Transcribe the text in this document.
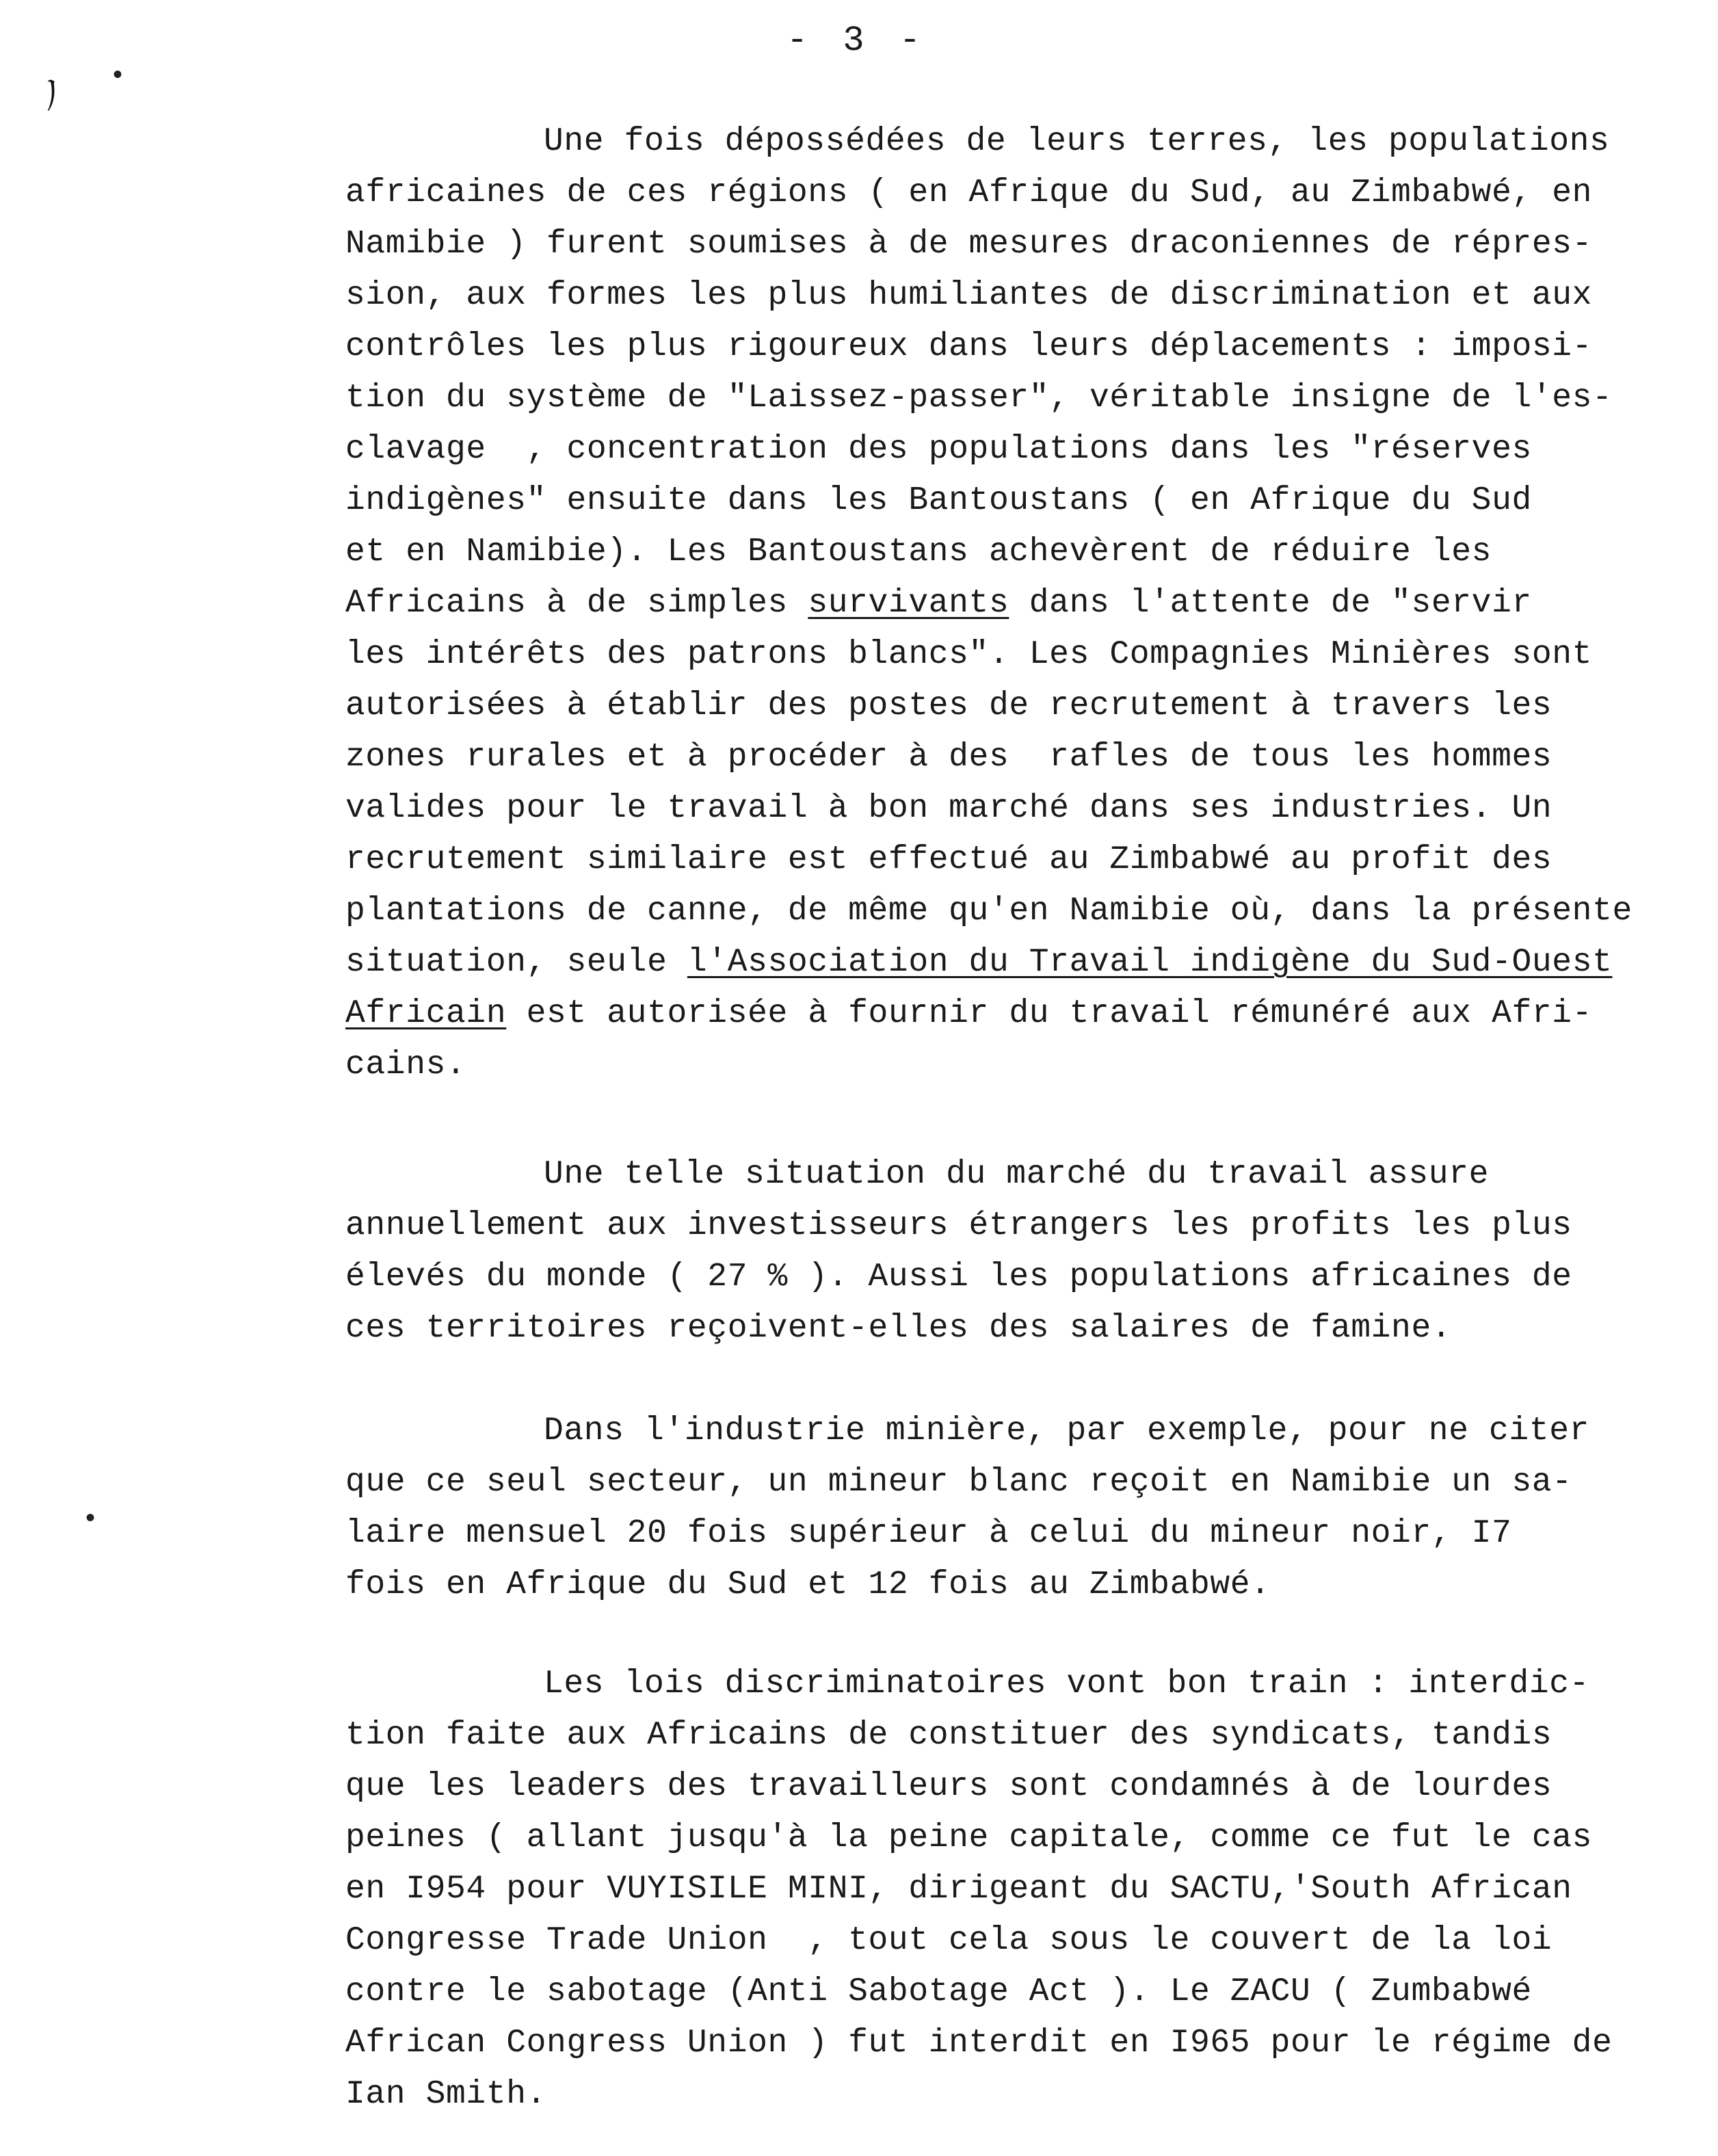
- 3 -
ﾉ •
•
Une fois dépossédées de leurs terres, les populations
africaines de ces régions ( en Afrique du Sud, au Zimbabwé, en
Namibie ) furent soumises à de mesures draconiennes de répres-
sion, aux formes les plus humiliantes de discrimination et aux
contrôles les plus rigoureux dans leurs déplacements : imposi-
tion du système de "Laissez-passer", véritable insigne de l'es-
clavage  , concentration des populations dans les "réserves
indigènes" ensuite dans les Bantoustans ( en Afrique du Sud
et en Namibie). Les Bantoustans achevèrent de réduire les
Africains à de simples survivants dans l'attente de "servir
les intérêts des patrons blancs". Les Compagnies Minières sont
autorisées à établir des postes de recrutement à travers les
zones rurales et à procéder à des  rafles de tous les hommes
valides pour le travail à bon marché dans ses industries. Un
recrutement similaire est effectué au Zimbabwé au profit des
plantations de canne, de même qu'en Namibie où, dans la présente
situation, seule l'Association du Travail indigène du Sud-Ouest
Africain est autorisée à fournir du travail rémunéré aux Afri-
cains.
Une telle situation du marché du travail assure
annuellement aux investisseurs étrangers les profits les plus
élevés du monde ( 27 % ). Aussi les populations africaines de
ces territoires reçoivent-elles des salaires de famine.
Dans l'industrie minière, par exemple, pour ne citer
que ce seul secteur, un mineur blanc reçoit en Namibie un sa-
laire mensuel 20 fois supérieur à celui du mineur noir, I7
fois en Afrique du Sud et 12 fois au Zimbabwé.
Les lois discriminatoires vont bon train : interdic-
tion faite aux Africains de constituer des syndicats, tandis
que les leaders des travailleurs sont condamnés à de lourdes
peines ( allant jusqu'à la peine capitale, comme ce fut le cas
en I954 pour VUYISILE MINI, dirigeant du SACTU,'South African
Congresse Trade Union  , tout cela sous le couvert de la loi
contre le sabotage (Anti Sabotage Act ). Le ZACU ( Zumbabwé
African Congress Union ) fut interdit en I965 pour le régime de
Ian Smith.
